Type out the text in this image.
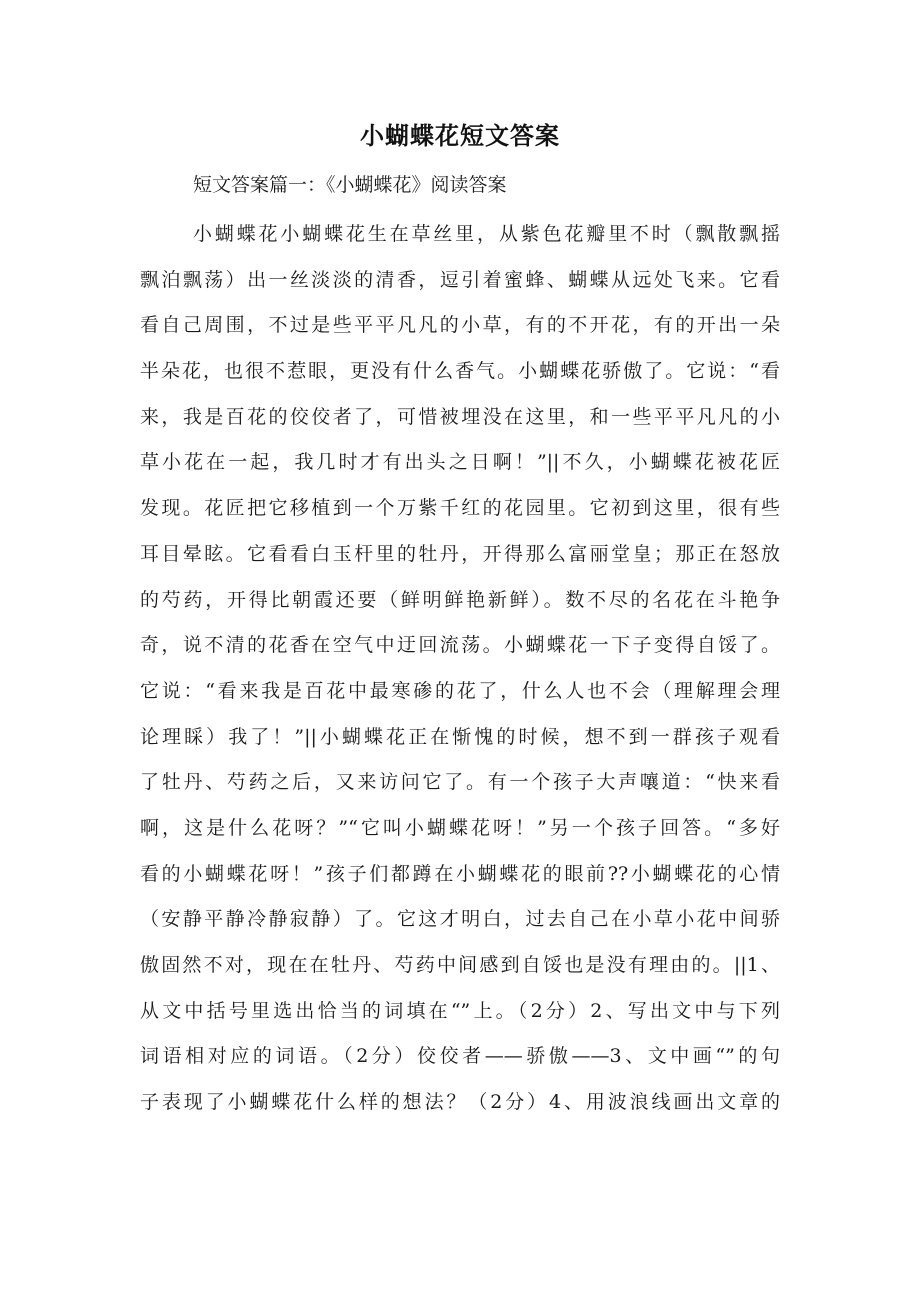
小蝴蝶花短文答案

短文答案篇一：《小蝴蝶花》阅读答案

小蝴蝶花小蝴蝶花生在草丝里，从紫色花瓣里不时（飘散飘摇
飘泊飘荡）出一丝淡淡的清香，逗引着蜜蜂、蝴蝶从远处飞来。它看
看自己周围，不过是些平平凡凡的小草，有的不开花，有的开出一朵
半朵花，也很不惹眼，更没有什么香气。小蝴蝶花骄傲了。它说：“看
来，我是百花的佼佼者了，可惜被埋没在这里，和一些平平凡凡的小
草小花在一起，我几时才有出头之日啊！”||不久，小蝴蝶花被花匠
发现。花匠把它移植到一个万紫千红的花园里。它初到这里，很有些
耳目晕眩。它看看白玉杆里的牡丹，开得那么富丽堂皇；那正在怒放
的芍药，开得比朝霞还要（鲜明鲜艳新鲜）。数不尽的名花在斗艳争
奇，说不清的花香在空气中迂回流荡。小蝴蝶花一下子变得自馁了。
它说：“看来我是百花中最寒碜的花了，什么人也不会（理解理会理
论理睬）我了！”||小蝴蝶花正在惭愧的时候，想不到一群孩子观看
了牡丹、芍药之后，又来访问它了。有一个孩子大声嚷道：“快来看
啊，这是什么花呀？”“它叫小蝴蝶花呀！”另一个孩子回答。“多好
看的小蝴蝶花呀！”孩子们都蹲在小蝴蝶花的眼前??小蝴蝶花的心情
（安静平静冷静寂静）了。它这才明白，过去自己在小草小花中间骄
傲固然不对，现在在牡丹、芍药中间感到自馁也是没有理由的。||1、
从文中括号里选出恰当的词填在“”上。（2分）2、写出文中与下列
词语相对应的词语。（2分）佼佼者——骄傲——3、文中画“”的句
子表现了小蝴蝶花什么样的想法？（2分）4、用波浪线画出文章的
